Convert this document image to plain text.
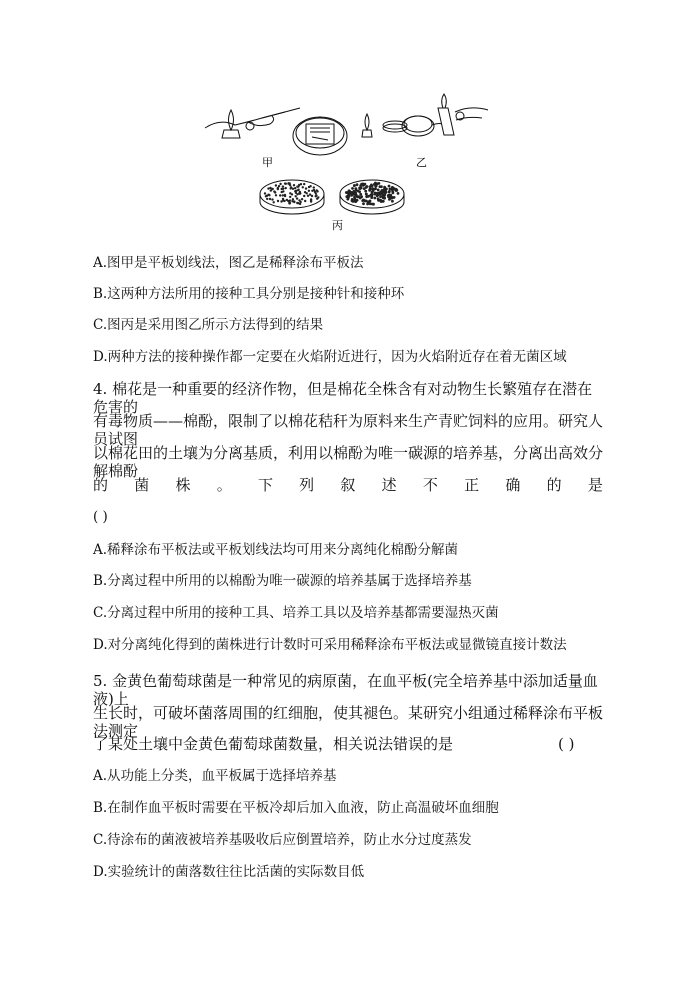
甲	乙
丙
A.图甲是平板划线法，图乙是稀释涂布平板法
B.这两种方法所用的接种工具分别是接种针和接种环
C.图丙是采用图乙所示方法得到的结果
D.两种方法的接种操作都一定要在火焰附近进行，因为火焰附近存在着无菌区域
4. 棉花是一种重要的经济作物，但是棉花全株含有对动物生长繁殖存在潜在危害的
有毒物质——棉酚，限制了以棉花秸秆为原料来生产青贮饲料的应用。研究人员试图
以棉花田的土壤为分离基质，利用以棉酚为唯一碳源的培养基，分离出高效分解棉酚
的 菌 株 。 下 列 叙 述 不 正 确 的 是
( )
A.稀释涂布平板法或平板划线法均可用来分离纯化棉酚分解菌
B.分离过程中所用的以棉酚为唯一碳源的培养基属于选择培养基
C.分离过程中所用的接种工具、培养工具以及培养基都需要湿热灭菌
D.对分离纯化得到的菌株进行计数时可采用稀释涂布平板法或显微镜直接计数法
5. 金黄色葡萄球菌是一种常见的病原菌，在血平板(完全培养基中添加适量血液)上
生长时，可破坏菌落周围的红细胞，使其褪色。某研究小组通过稀释涂布平板法测定
了某处土壤中金黄色葡萄球菌数量，相关说法错误的是	( )
A.从功能上分类，血平板属于选择培养基
B.在制作血平板时需要在平板冷却后加入血液，防止高温破坏血细胞
C.待涂布的菌液被培养基吸收后应倒置培养，防止水分过度蒸发
D.实验统计的菌落数往往比活菌的实际数目低
